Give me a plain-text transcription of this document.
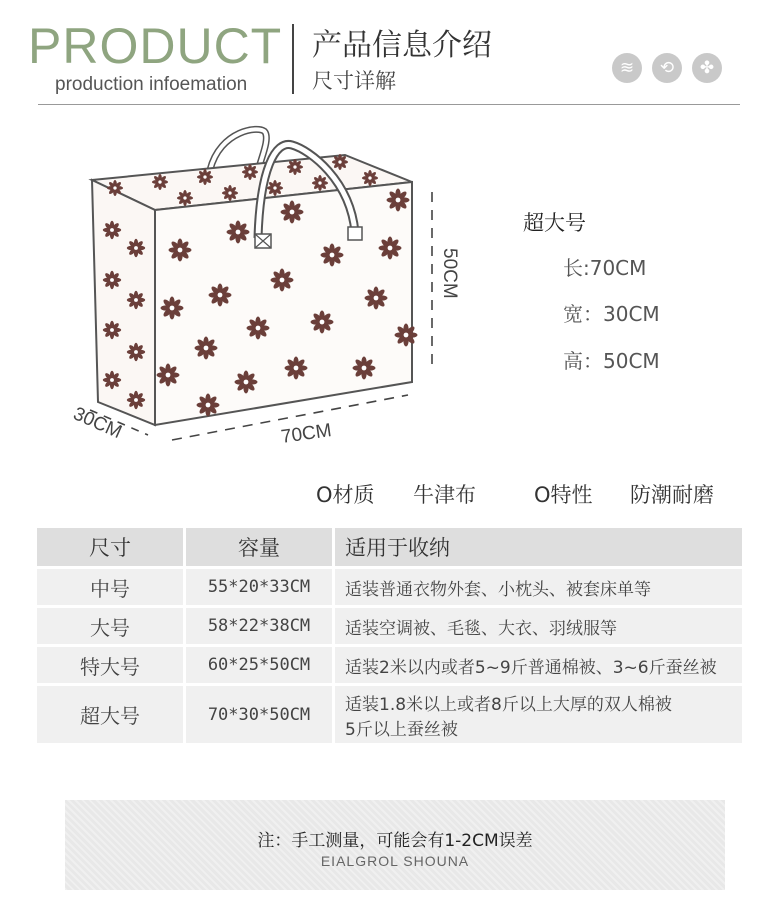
PRODUCT
production infoemation
产品信息介绍
尺寸详解
≋	⟲	✤
50CM
70CM
30CM
超大号
长:70CM
宽：30CM
高：50CM
O材质 牛津布	O特性 防潮耐磨
尺寸	容量	适用于收纳
中号	55*20*33CM	适装普通衣物外套、小枕头、被套床单等
大号	58*22*38CM	适装空调被、毛毯、大衣、羽绒服等
特大号	60*25*50CM	适装2米以内或者5~9斤普通棉被、3~6斤蚕丝被
超大号	70*30*50CM	适装1.8米以上或者8斤以上大厚的双人棉被
5斤以上蚕丝被
注：手工测量，可能会有1-2CM误差
EIALGROL SHOUNA
